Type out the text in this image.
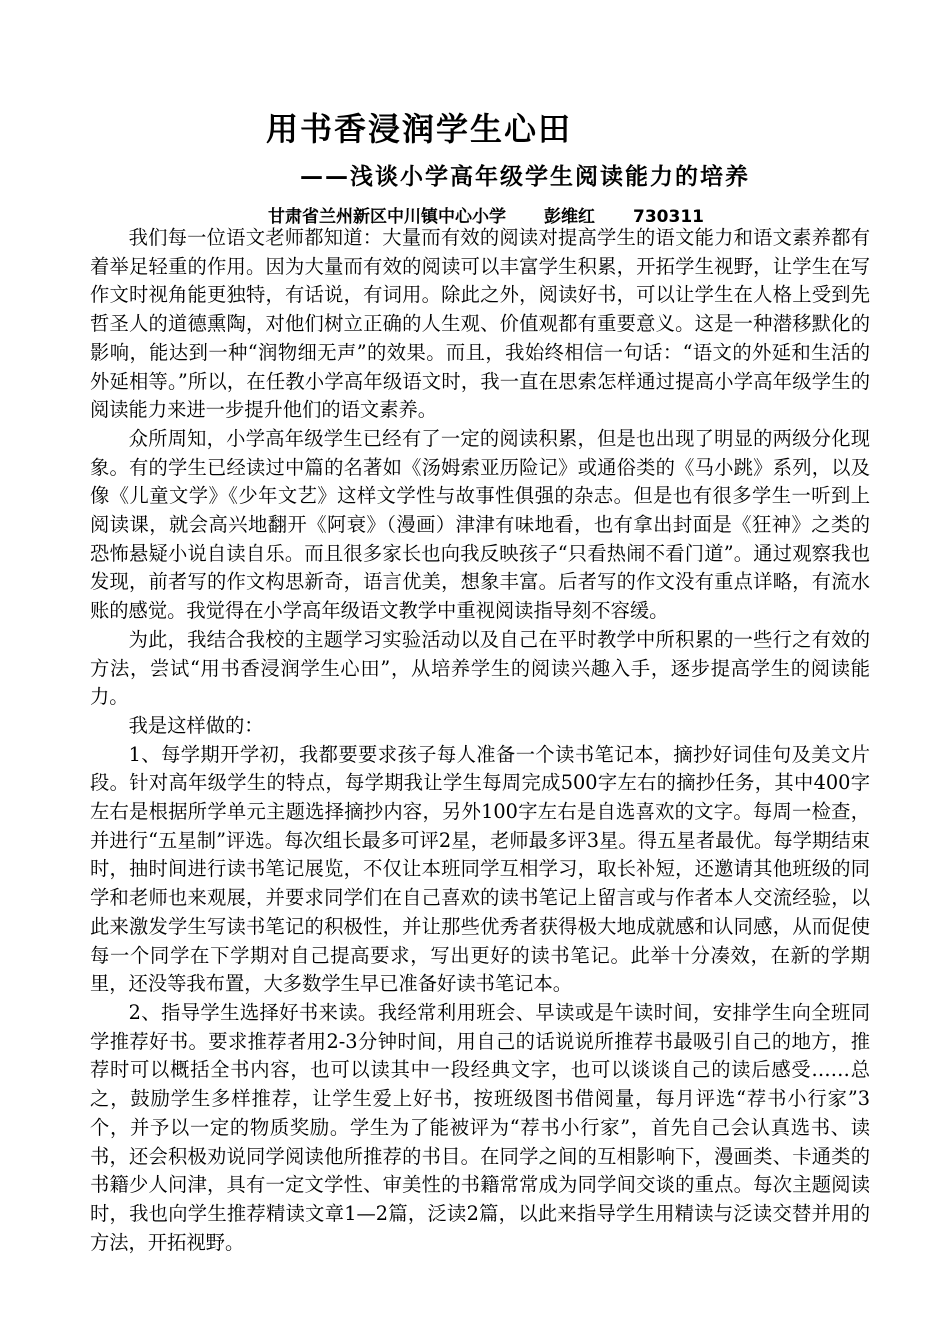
用书香浸润学生心田
——浅谈小学高年级学生阅读能力的培养
甘肃省兰州新区中川镇中心小学 彭维红 730311

我们每一位语文老师都知道：大量而有效的阅读对提高学生的语文能力和语文素养都有着举足轻重的作用。因为大量而有效的阅读可以丰富学生积累，开拓学生视野，让学生在写作文时视角能更独特，有话说，有词用。除此之外，阅读好书，可以让学生在人格上受到先哲圣人的道德熏陶，对他们树立正确的人生观、价值观都有重要意义。这是一种潜移默化的影响，能达到一种“润物细无声”的效果。而且，我始终相信一句话：“语文的外延和生活的外延相等。”所以，在任教小学高年级语文时，我一直在思索怎样通过提高小学高年级学生的阅读能力来进一步提升他们的语文素养。

众所周知，小学高年级学生已经有了一定的阅读积累，但是也出现了明显的两级分化现象。有的学生已经读过中篇的名著如《汤姆索亚历险记》或通俗类的《马小跳》系列，以及像《儿童文学》《少年文艺》这样文学性与故事性俱强的杂志。但是也有很多学生一听到上阅读课，就会高兴地翻开《阿衰》（漫画）津津有味地看，也有拿出封面是《狂神》之类的恐怖悬疑小说自读自乐。而且很多家长也向我反映孩子“只看热闹不看门道”。通过观察我也发现，前者写的作文构思新奇，语言优美，想象丰富。后者写的作文没有重点详略，有流水账的感觉。我觉得在小学高年级语文教学中重视阅读指导刻不容缓。

为此，我结合我校的主题学习实验活动以及自己在平时教学中所积累的一些行之有效的方法，尝试“用书香浸润学生心田”，从培养学生的阅读兴趣入手，逐步提高学生的阅读能力。

我是这样做的：

1、每学期开学初，我都要要求孩子每人准备一个读书笔记本，摘抄好词佳句及美文片段。针对高年级学生的特点，每学期我让学生每周完成500字左右的摘抄任务，其中400字左右是根据所学单元主题选择摘抄内容，另外100字左右是自选喜欢的文字。每周一检查，并进行“五星制”评选。每次组长最多可评2星，老师最多评3星。得五星者最优。每学期结束时，抽时间进行读书笔记展览，不仅让本班同学互相学习，取长补短，还邀请其他班级的同学和老师也来观展，并要求同学们在自己喜欢的读书笔记上留言或与作者本人交流经验，以此来激发学生写读书笔记的积极性，并让那些优秀者获得极大地成就感和认同感，从而促使每一个同学在下学期对自己提高要求，写出更好的读书笔记。此举十分凑效，在新的学期里，还没等我布置，大多数学生早已准备好读书笔记本。

2、指导学生选择好书来读。我经常利用班会、早读或是午读时间，安排学生向全班同学推荐好书。要求推荐者用2-3分钟时间，用自己的话说说所推荐书最吸引自己的地方，推荐时可以概括全书内容，也可以读其中一段经典文字，也可以谈谈自己的读后感受……总之，鼓励学生多样推荐，让学生爱上好书，按班级图书借阅量，每月评选“荐书小行家”3个，并予以一定的物质奖励。学生为了能被评为“荐书小行家”，首先自己会认真选书、读书，还会积极劝说同学阅读他所推荐的书目。在同学之间的互相影响下，漫画类、卡通类的书籍少人问津，具有一定文学性、审美性的书籍常常成为同学间交谈的重点。每次主题阅读时，我也向学生推荐精读文章1—2篇，泛读2篇，以此来指导学生用精读与泛读交替并用的方法，开拓视野。
